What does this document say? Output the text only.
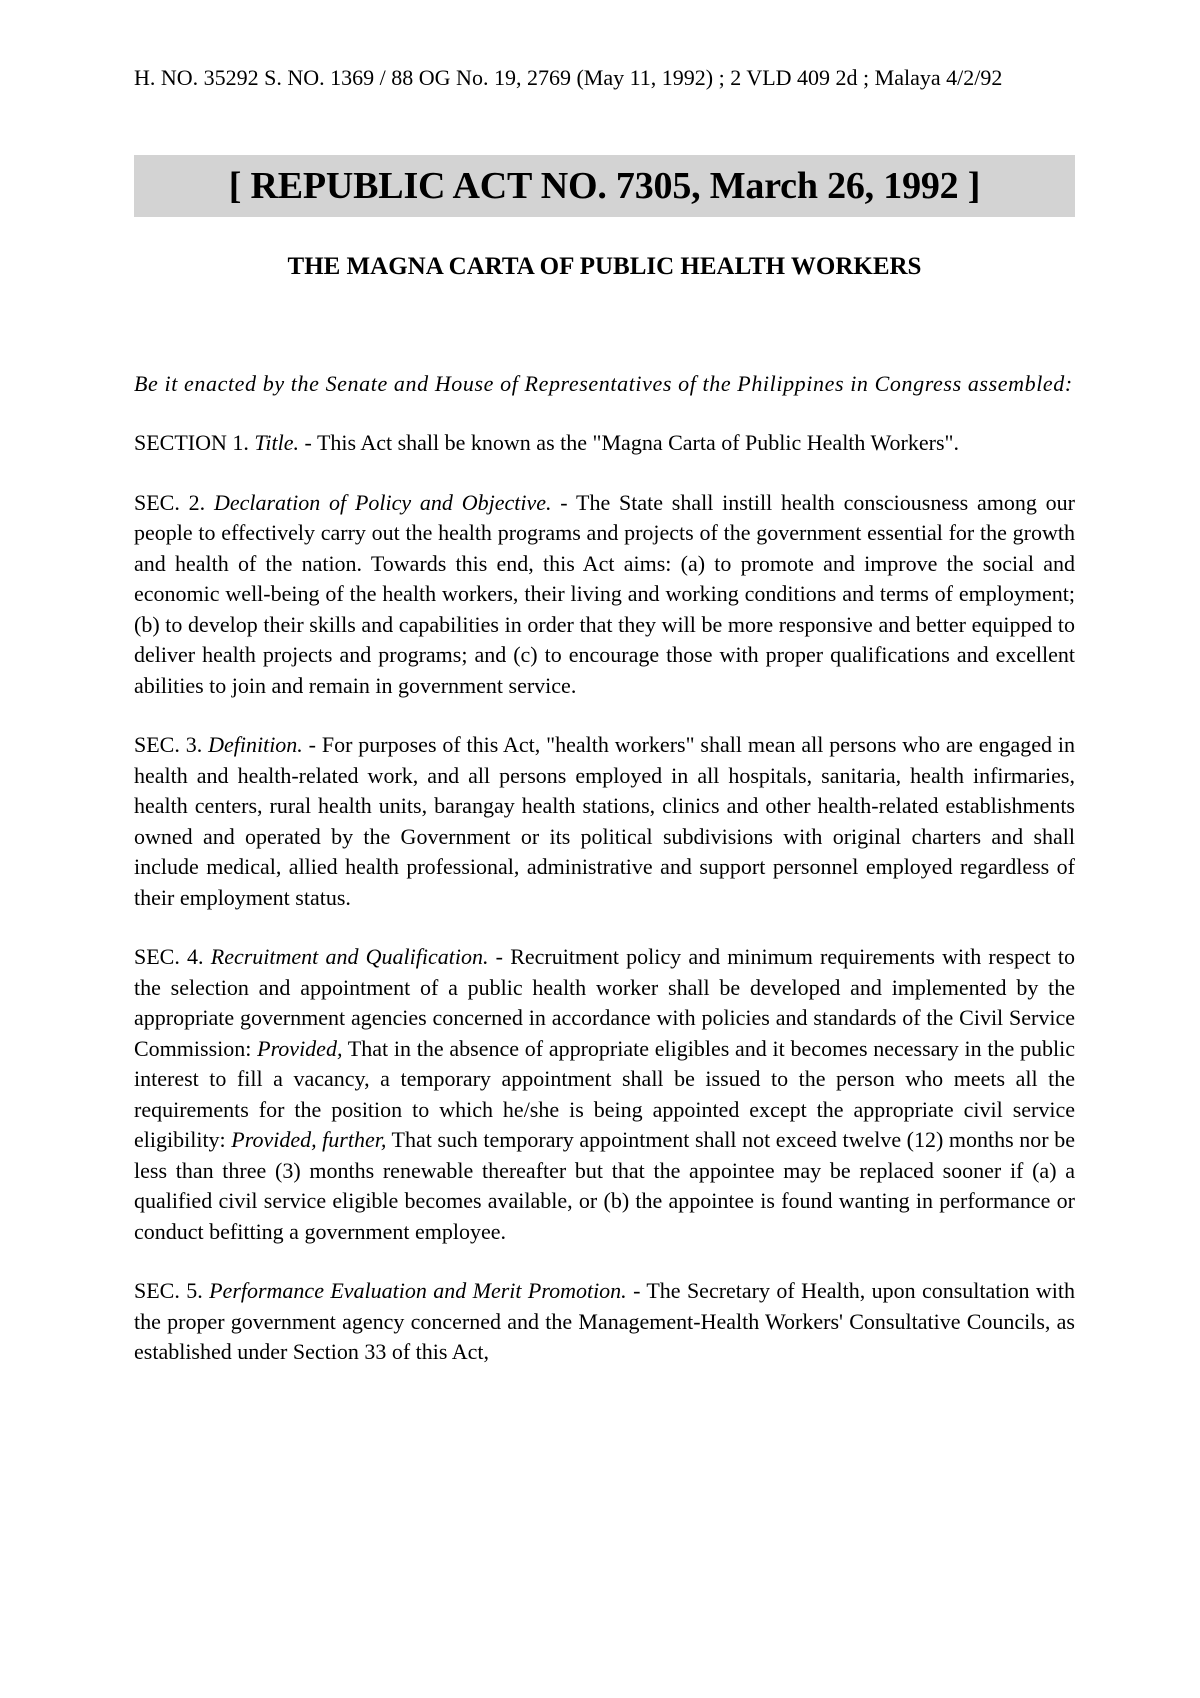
H. NO. 35292 S. NO. 1369 / 88 OG No. 19, 2769 (May 11, 1992) ; 2 VLD 409 2d ; Malaya 4/2/92

[ REPUBLIC ACT NO. 7305, March 26, 1992 ]
THE MAGNA CARTA OF PUBLIC HEALTH WORKERS

Be it enacted by the Senate and House of Representatives of the Philippines in Congress assembled:

SECTION 1. Title. - This Act shall be known as the "Magna Carta of Public Health Workers".

SEC. 2. Declaration of Policy and Objective. - The State shall instill health consciousness among our people to effectively carry out the health programs and projects of the government essential for the growth and health of the nation. Towards this end, this Act aims: (a) to promote and improve the social and economic well-being of the health workers, their living and working conditions and terms of employment; (b) to develop their skills and capabilities in order that they will be more responsive and better equipped to deliver health projects and programs; and (c) to encourage those with proper qualifications and excellent abilities to join and remain in government service.

SEC. 3. Definition. - For purposes of this Act, "health workers" shall mean all persons who are engaged in health and health-related work, and all persons employed in all hospitals, sanitaria, health infirmaries, health centers, rural health units, barangay health stations, clinics and other health-related establishments owned and operated by the Government or its political subdivisions with original charters and shall include medical, allied health professional, administrative and support personnel employed regardless of their employment status.

SEC. 4. Recruitment and Qualification. - Recruitment policy and minimum requirements with respect to the selection and appointment of a public health worker shall be developed and implemented by the appropriate government agencies concerned in accordance with policies and standards of the Civil Service Commission: Provided, That in the absence of appropriate eligibles and it becomes necessary in the public interest to fill a vacancy, a temporary appointment shall be issued to the person who meets all the requirements for the position to which he/she is being appointed except the appropriate civil service eligibility: Provided, further, That such temporary appointment shall not exceed twelve (12) months nor be less than three (3) months renewable thereafter but that the appointee may be replaced sooner if (a) a qualified civil service eligible becomes available, or (b) the appointee is found wanting in performance or conduct befitting a government employee.

SEC. 5. Performance Evaluation and Merit Promotion. - The Secretary of Health, upon consultation with the proper government agency concerned and the Management-Health Workers' Consultative Councils, as established under Section 33 of this Act,
